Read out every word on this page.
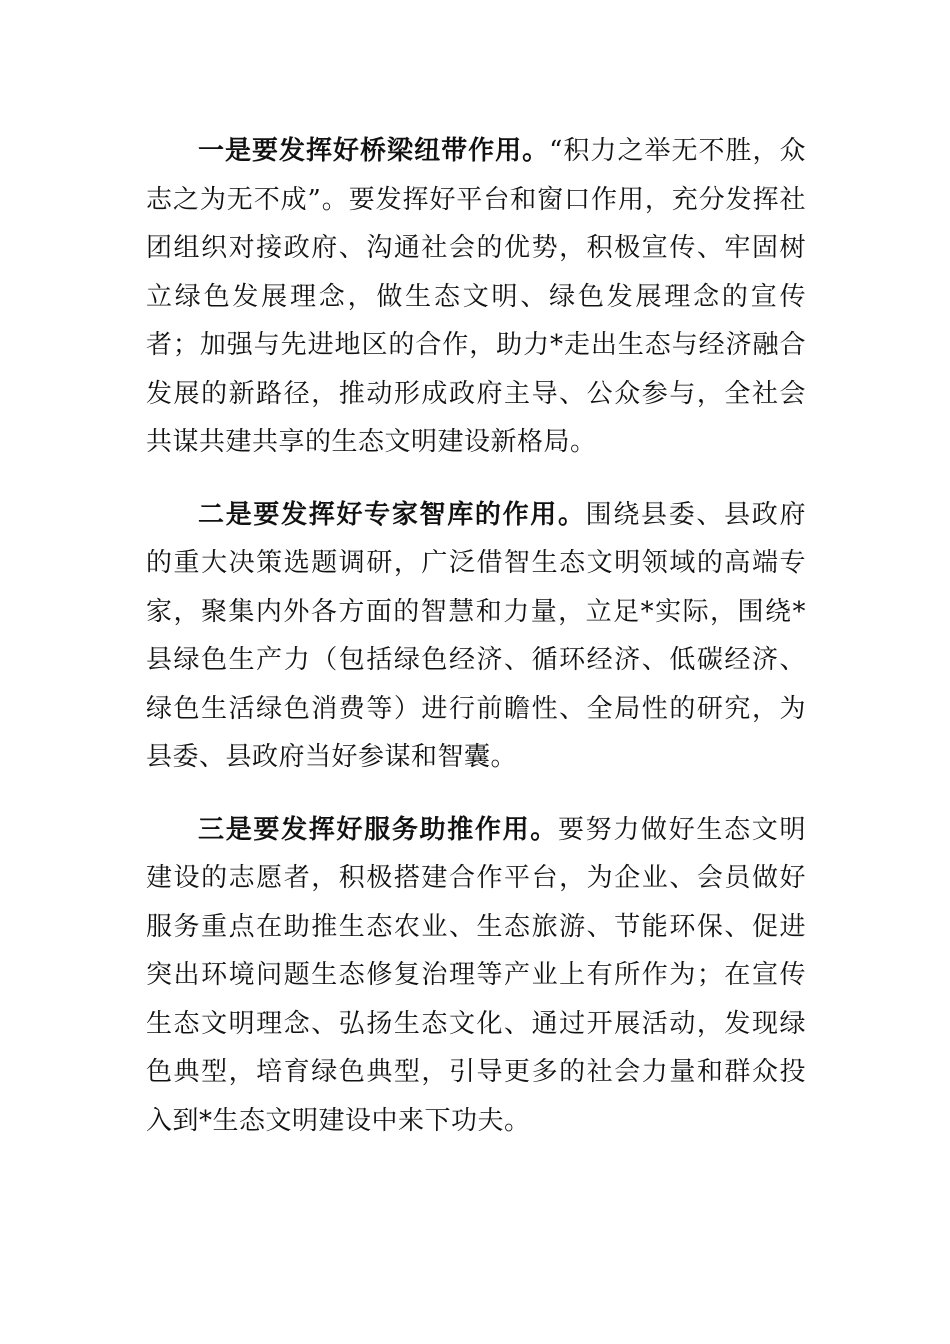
一是要发挥好桥梁纽带作用。“积力之举无不胜，众志之为无不成”。要发挥好平台和窗口作用，充分发挥社团组织对接政府、沟通社会的优势，积极宣传、牢固树立绿色发展理念，做生态文明、绿色发展理念的宣传者；加强与先进地区的合作，助力*走出生态与经济融合发展的新路径，推动形成政府主导、公众参与，全社会共谋共建共享的生态文明建设新格局。

二是要发挥好专家智库的作用。围绕县委、县政府的重大决策选题调研，广泛借智生态文明领域的高端专家，聚集内外各方面的智慧和力量，立足*实际，围绕*县绿色生产力（包括绿色经济、循环经济、低碳经济、绿色生活绿色消费等）进行前瞻性、全局性的研究，为县委、县政府当好参谋和智囊。

三是要发挥好服务助推作用。要努力做好生态文明建设的志愿者，积极搭建合作平台，为企业、会员做好服务重点在助推生态农业、生态旅游、节能环保、促进突出环境问题生态修复治理等产业上有所作为；在宣传生态文明理念、弘扬生态文化、通过开展活动，发现绿色典型，培育绿色典型，引导更多的社会力量和群众投入到*生态文明建设中来下功夫。
